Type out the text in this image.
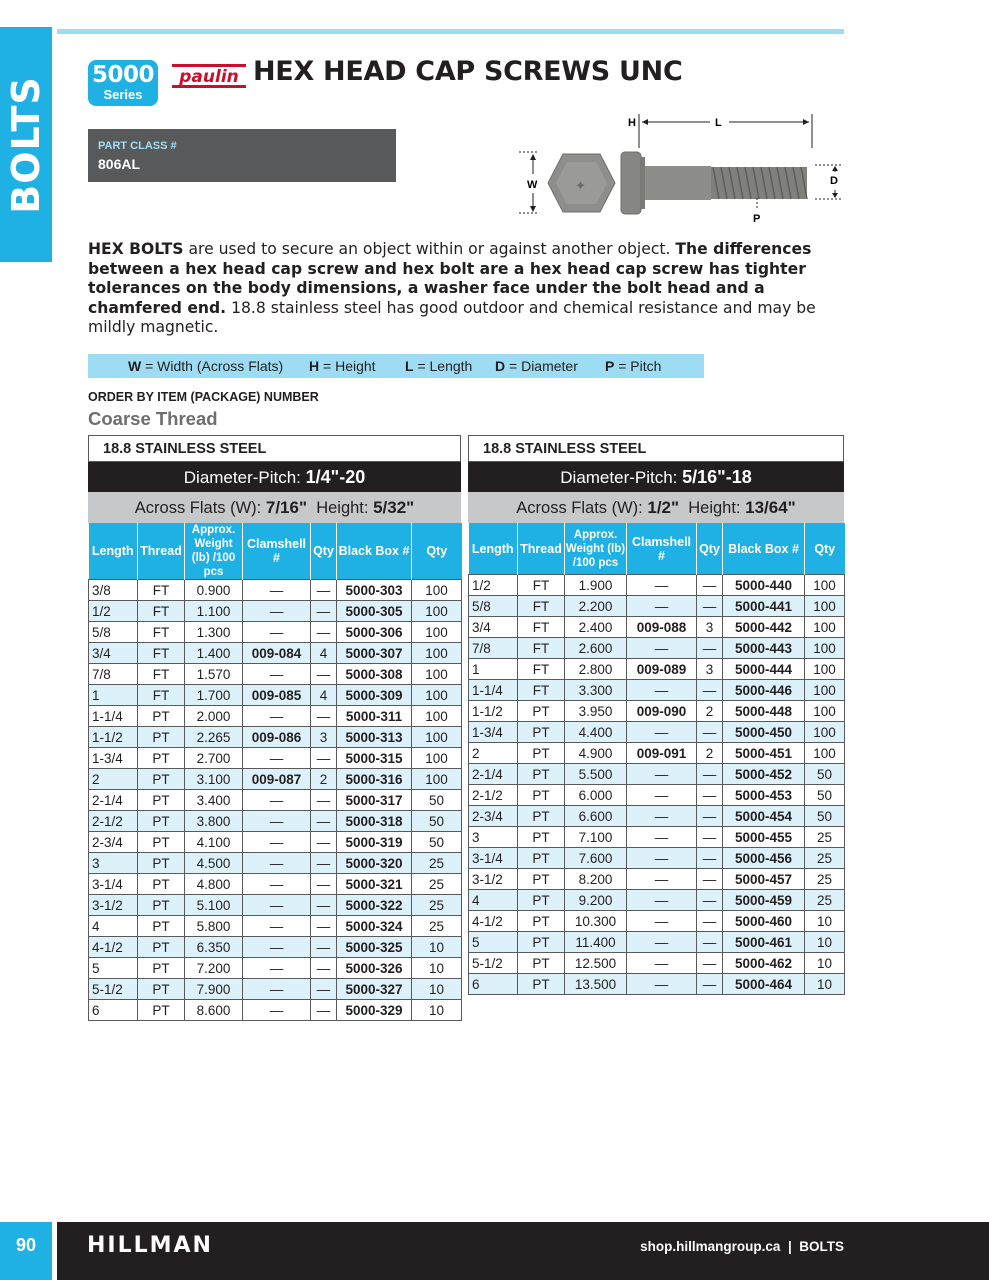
BOLTS
5000
Series
paulin HEX HEAD CAP SCREWS UNC
PART CLASS #
806AL
H	L
W	✦	D
P
HEX BOLTS are used to secure an object within or against another object. The differences between a hex head cap screw and hex bolt are a hex head cap screw has tighter tolerances on the body dimensions, a washer face under the bolt head and a chamfered end. 18.8 stainless steel has good outdoor and chemical resistance and may be mildly magnetic.
W = Width (Across Flats) H = Height L = Length D = Diameter P = Pitch
ORDER BY ITEM (PACKAGE) NUMBER
Coarse Thread
18.8 STAINLESS STEEL
Diameter-Pitch: 1/4"-20
Across Flats (W): 7/16" Height: 5/32"
Length	Thread	Approx. Weight (lb) /100 pcs	Clamshell #	Qty	Black Box #	Qty
3/8	FT	0.900	—	—	5000-303	100
1/2	FT	1.100	—	—	5000-305	100
5/8	FT	1.300	—	—	5000-306	100
3/4	FT	1.400	009-084	4	5000-307	100
7/8	FT	1.570	—	—	5000-308	100
1	FT	1.700	009-085	4	5000-309	100
1-1/4	PT	2.000	—	—	5000-311	100
1-1/2	PT	2.265	009-086	3	5000-313	100
1-3/4	PT	2.700	—	—	5000-315	100
2	PT	3.100	009-087	2	5000-316	100
2-1/4	PT	3.400	—	—	5000-317	50
2-1/2	PT	3.800	—	—	5000-318	50
2-3/4	PT	4.100	—	—	5000-319	50
3	PT	4.500	—	—	5000-320	25
3-1/4	PT	4.800	—	—	5000-321	25
3-1/2	PT	5.100	—	—	5000-322	25
4	PT	5.800	—	—	5000-324	25
4-1/2	PT	6.350	—	—	5000-325	10
5	PT	7.200	—	—	5000-326	10
5-1/2	PT	7.900	—	—	5000-327	10
6	PT	8.600	—	—	5000-329	10
18.8 STAINLESS STEEL
Diameter-Pitch: 5/16"-18
Across Flats (W): 1/2" Height: 13/64"
Length	Thread	Approx. Weight (lb) /100 pcs	Clamshell #	Qty	Black Box #	Qty
1/2	FT	1.900	—	—	5000-440	100
5/8	FT	2.200	—	—	5000-441	100
3/4	FT	2.400	009-088	3	5000-442	100
7/8	FT	2.600	—	—	5000-443	100
1	FT	2.800	009-089	3	5000-444	100
1-1/4	FT	3.300	—	—	5000-446	100
1-1/2	PT	3.950	009-090	2	5000-448	100
1-3/4	PT	4.400	—	—	5000-450	100
2	PT	4.900	009-091	2	5000-451	100
2-1/4	PT	5.500	—	—	5000-452	50
2-1/2	PT	6.000	—	—	5000-453	50
2-3/4	PT	6.600	—	—	5000-454	50
3	PT	7.100	—	—	5000-455	25
3-1/4	PT	7.600	—	—	5000-456	25
3-1/2	PT	8.200	—	—	5000-457	25
4	PT	9.200	—	—	5000-459	25
4-1/2	PT	10.300	—	—	5000-460	10
5	PT	11.400	—	—	5000-461	10
5-1/2	PT	12.500	—	—	5000-462	10
6	PT	13.500	—	—	5000-464	10
90	HILLMAN	shop.hillmangroup.ca | BOLTS
